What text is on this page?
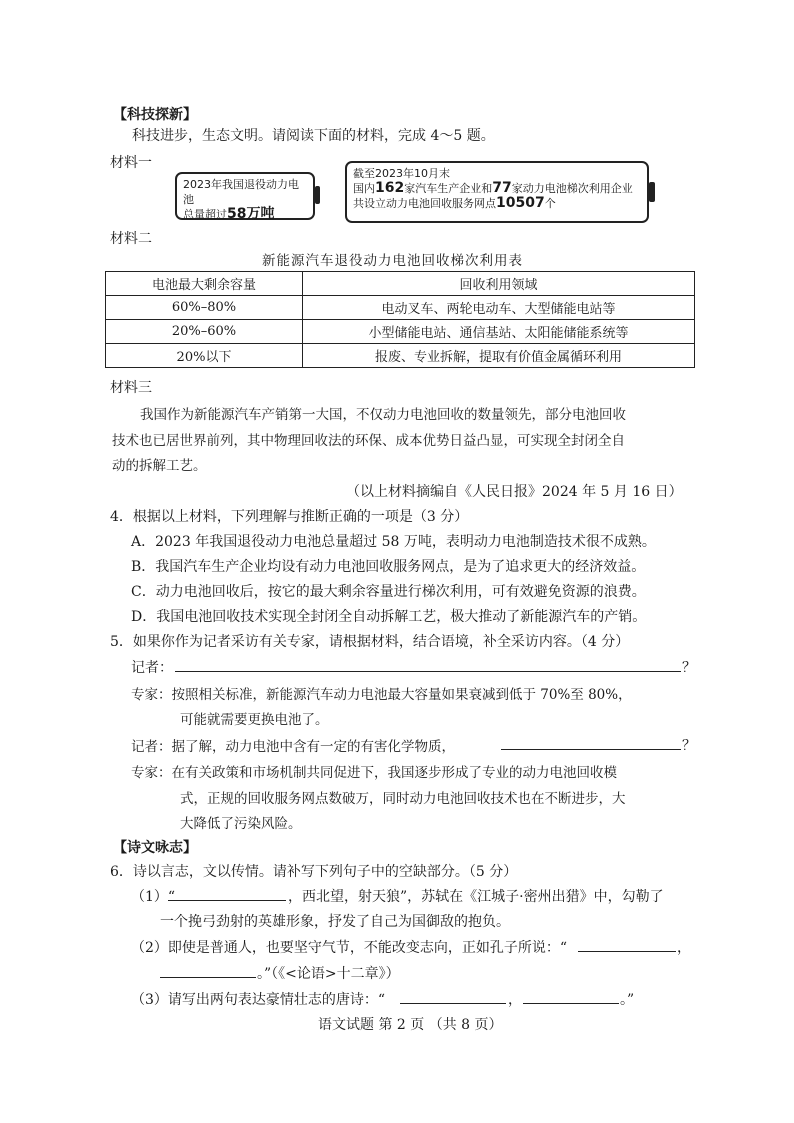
【科技探新】
科技进步，生态文明。请阅读下面的材料，完成 4～5 题。
材料一
2023年我国退役动力电池
总量超过58万吨
截至2023年10月末
国内162家汽车生产企业和77家动力电池梯次利用企业
共设立动力电池回收服务网点10507个
材料二
新能源汽车退役动力电池回收梯次利用表
电池最大剩余容量	回收利用领域
60%–80%	电动叉车、两轮电动车、大型储能电站等
20%–60%	小型储能电站、通信基站、太阳能储能系统等
20%以下	报废、专业拆解，提取有价值金属循环利用
材料三
我国作为新能源汽车产销第一大国，不仅动力电池回收的数量领先，部分电池回收
技术也已居世界前列，其中物理回收法的环保、成本优势日益凸显，可实现全封闭全自
动的拆解工艺。
（以上材料摘编自《人民日报》2024 年 5 月 16 日）
4．根据以上材料，下列理解与推断正确的一项是（3 分）
A．2023 年我国退役动力电池总量超过 58 万吨，表明动力电池制造技术很不成熟。
B．我国汽车生产企业均设有动力电池回收服务网点，是为了追求更大的经济效益。
C．动力电池回收后，按它的最大剩余容量进行梯次利用，可有效避免资源的浪费。
D．我国电池回收技术实现全封闭全自动拆解工艺，极大推动了新能源汽车的产销。
5．如果你作为记者采访有关专家，请根据材料，结合语境，补全采访内容。（4 分）
记者：	？
专家：按照相关标准，新能源汽车动力电池最大容量如果衰减到低于 70%至 80%，
可能就需要更换电池了。
记者：据了解，动力电池中含有一定的有害化学物质，	？
专家：在有关政策和市场机制共同促进下，我国逐步形成了专业的动力电池回收模
式，正规的回收服务网点数破万，同时动力电池回收技术也在不断进步，大
大降低了污染风险。
【诗文咏志】
6．诗以言志，文以传情。请补写下列句子中的空缺部分。（5 分）
（1）“	，西北望，射天狼”，苏轼在《江城子·密州出猎》中，勾勒了
一个挽弓劲射的英雄形象，抒发了自己为国御敌的抱负。
（2）即使是普通人，也要坚守气节，不能改变志向，正如孔子所说：“	，
。”（《<论语>十二章》）
（3）请写出两句表达豪情壮志的唐诗：“	，	。”
语文试题 第 2 页 （共 8 页）
